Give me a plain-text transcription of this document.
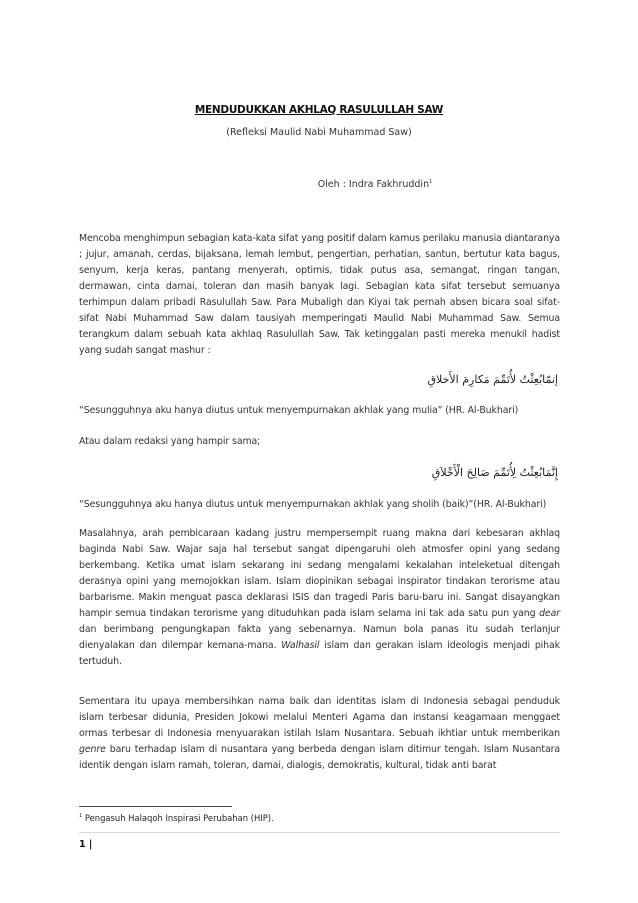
MENDUDUKKAN AKHLAQ RASULULLAH SAW
(Refleksi Maulid Nabi Muhammad Saw)
Oleh : Indra Fakhruddin$^1$

Mencoba menghimpun sebagian kata-kata sifat yang positif dalam kamus perilaku manusia diantaranya ; jujur, amanah, cerdas, bijaksana, lemah lembut, pengertian, perhatian, santun, bertutur kata bagus, senyum, kerja keras, pantang menyerah, optimis, tidak putus asa, semangat, ringan tangan, dermawan, cinta damai, toleran dan masih banyak lagi. Sebagian kata sifat tersebut semuanya terhimpun dalam pribadi Rasulullah Saw. Para Mubaligh dan Kiyai tak pernah absen bicara soal sifat-sifat Nabi Muhammad Saw dalam tausiyah memperingati Maulid Nabi Muhammad Saw. Semua terangkum dalam sebuah kata akhlaq Rasulullah Saw. Tak ketinggalan pasti mereka menukil hadist yang sudah sangat mashur :

إنمّابُعِثْتُ لأُتَمِّمَ مَكارِمَ الأَخلاقِ

“Sesungguhnya aku hanya diutus untuk menyempurnakan akhlak yang mulia” (HR. Al-Bukhari)

Atau dalam redaksi yang hampir sama;

إِنَّمَابُعِثْتُ لِأُتَمِّمَ صَالِحَ الْأَخْلاَقِ

“Sesungguhnya aku hanya diutus untuk menyempurnakan akhlak yang sholih (baik)”(HR. Al-Bukhari)

Masalahnya, arah pembicaraan kadang justru mempersempit ruang makna dari kebesaran akhlaq baginda Nabi Saw. Wajar saja hal tersebut sangat dipengaruhi oleh atmosfer opini yang sedang berkembang. Ketika umat islam sekarang ini sedang mengalami kekalahan inteleketual ditengah derasnya opini yang memojokkan islam. Islam diopinikan sebagai inspirator tindakan terorisme atau barbarisme. Makin menguat pasca deklarasi ISIS dan tragedi Paris baru-baru ini. Sangat disayangkan hampir semua tindakan terorisme yang dituduhkan pada islam selama ini tak ada satu pun yang dear dan berimbang pengungkapan fakta yang sebenarnya. Namun bola panas itu sudah terlanjur dienyalakan dan dilempar kemana-mana. Walhasil islam dan gerakan islam ideologis menjadi pihak tertuduh.

Sementara itu upaya membersihkan nama baik dan identitas islam di Indonesia sebagai penduduk islam terbesar didunia, Presiden Jokowi melalui Menteri Agama dan instansi keagamaan menggaet ormas terbesar di Indonesia menyuarakan istilah Islam Nusantara. Sebuah ikhtiar untuk memberikan genre baru terhadap islam di nusantara yang berbeda dengan islam ditimur tengah. Islam Nusantara identik dengan islam ramah, toleran, damai, dialogis, demokratis, kultural, tidak anti barat

$^1$ Pengasuh Halaqoh Inspirasi Perubahan (HIP).
1 |
